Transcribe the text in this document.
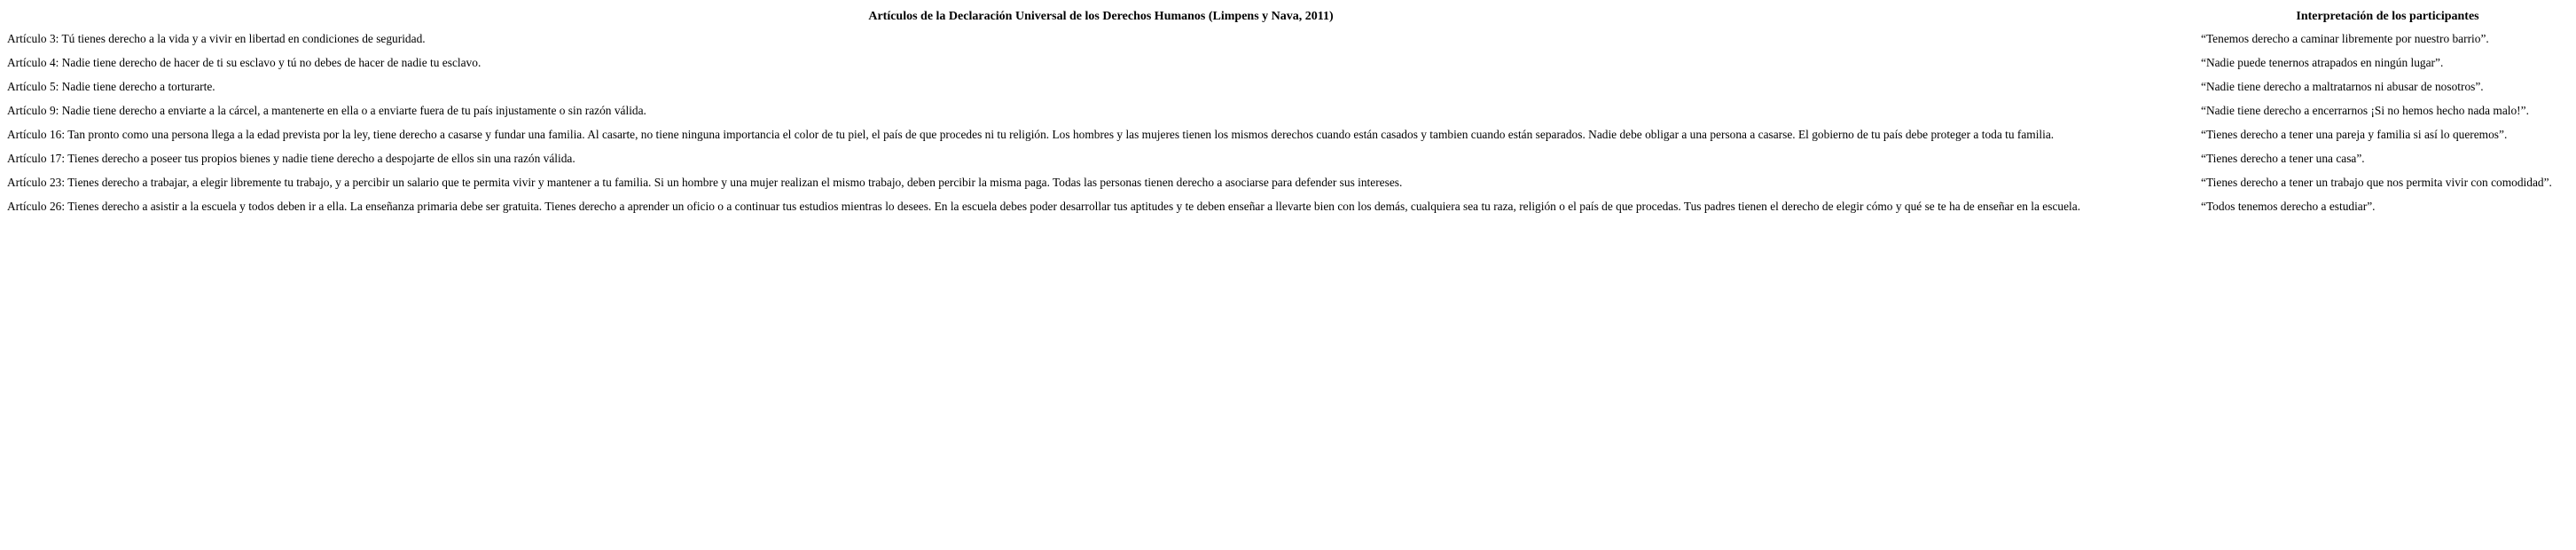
Artículos de la Declaración Universal de los Derechos Humanos (Limpens y Nava, 2011)	Interpretación de los participantes
Artículo 3: Tú tienes derecho a la vida y a vivir en libertad en condiciones de seguridad.	“Tenemos derecho a caminar libremente por nuestro barrio”.
Artículo 4: Nadie tiene derecho de hacer de ti su esclavo y tú no debes de hacer de nadie tu esclavo.	“Nadie puede tenernos atrapados en ningún lugar”.
Artículo 5: Nadie tiene derecho a torturarte.	“Nadie tiene derecho a maltratarnos ni abusar de nosotros”.
Artículo 9: Nadie tiene derecho a enviarte a la cárcel, a mantenerte en ella o a enviarte fuera de tu país injustamente o sin razón válida.	“Nadie tiene derecho a encerrarnos ¡Si no hemos hecho nada malo!”.
Artículo 16: Tan pronto como una persona llega a la edad prevista por la ley, tiene derecho a casarse y fundar una familia. Al casarte, no tiene ninguna importancia el color de tu piel, el país de que procedes ni tu religión. Los hombres y las mujeres tienen los mismos derechos cuando están casados y tambien cuando están separados. Nadie debe obligar a una persona a casarse. El gobierno de tu país debe proteger a toda tu familia.	“Tienes derecho a tener una pareja y familia si así lo queremos”.
Artículo 17: Tienes derecho a poseer tus propios bienes y nadie tiene derecho a despojarte de ellos sin una razón válida.	“Tienes derecho a tener una casa”.
Artículo 23: Tienes derecho a trabajar, a elegir libremente tu trabajo, y a percibir un salario que te permita vivir y mantener a tu familia. Si un hombre y una mujer realizan el mismo trabajo, deben percibir la misma paga. Todas las personas tienen derecho a asociarse para defender sus intereses.	“Tienes derecho a tener un trabajo que nos permita vivir con comodidad”.
Artículo 26: Tienes derecho a asistir a la escuela y todos deben ir a ella. La enseñanza primaria debe ser gratuita. Tienes derecho a aprender un oficio o a continuar tus estudios mientras lo desees. En la escuela debes poder desarrollar tus aptitudes y te deben enseñar a llevarte bien con los demás, cualquiera sea tu raza, religión o el país de que procedas. Tus padres tienen el derecho de elegir cómo y qué se te ha de enseñar en la escuela.	“Todos tenemos derecho a estudiar”.
